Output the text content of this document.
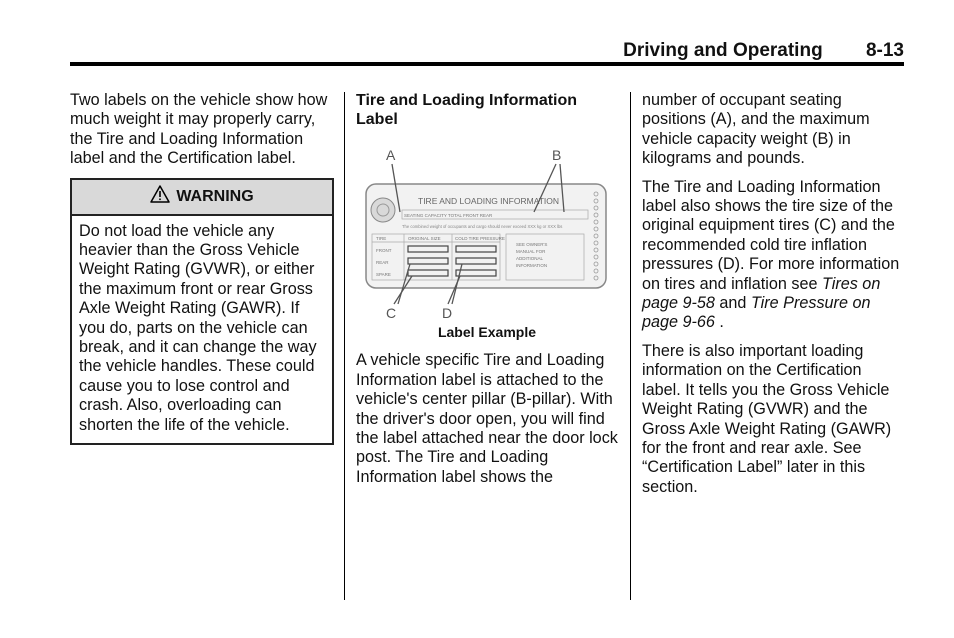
Driving and Operating 8-13

Two labels on the vehicle show how much weight it may properly carry, the Tire and Loading Information label and the Certification label.

WARNING
Do not load the vehicle any heavier than the Gross Vehicle Weight Rating (GVWR), or either the maximum front or rear Gross Axle Weight Rating (GAWR). If you do, parts on the vehicle can break, and it can change the way the vehicle handles. These could cause you to lose control and crash. Also, overloading can shorten the life of the vehicle.

Tire and Loading Information Label

A	B
C	D
TIRE AND LOADING INFORMATION
SEATING CAPACITY TOTAL FRONT REAR
The combined weight of occupants and cargo should never exceed XXX kg or XXX lbs
TIRE	ORIGINAL SIZE	COLD TIRE PRESSURE
FRONT
REAR
SPARE
SEE OWNER'S
MANUAL FOR
ADDITIONAL
INFORMATION

Label Example

A vehicle specific Tire and Loading Information label is attached to the vehicle's center pillar (B-pillar). With the driver's door open, you will find the label attached near the door lock post. The Tire and Loading Information label shows the

number of occupant seating positions (A), and the maximum vehicle capacity weight (B) in kilograms and pounds.

The Tire and Loading Information label also shows the tire size of the original equipment tires (C) and the recommended cold tire inflation pressures (D). For more information on tires and inflation see Tires on page 9-58 and Tire Pressure on page 9-66 .

There is also important loading information on the Certification label. It tells you the Gross Vehicle Weight Rating (GVWR) and the Gross Axle Weight Rating (GAWR) for the front and rear axle. See “Certification Label” later in this section.
